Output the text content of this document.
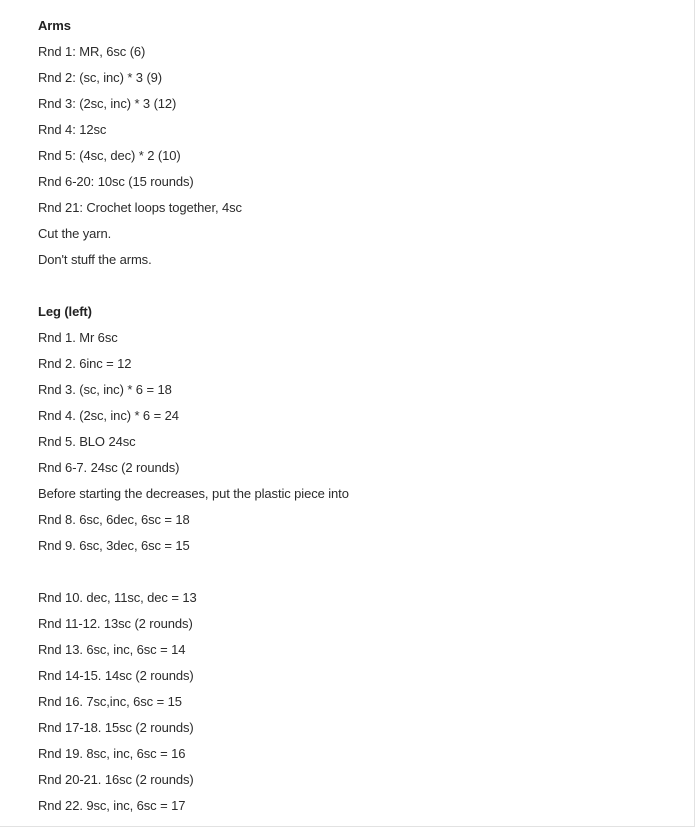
Arms
Rnd 1: MR, 6sc (6)
Rnd 2: (sc, inc) * 3 (9)
Rnd 3: (2sc, inc) * 3 (12)
Rnd 4: 12sc
Rnd 5: (4sc, dec) * 2 (10)
Rnd 6-20: 10sc (15 rounds)
Rnd 21: Crochet loops together, 4sc
Cut the yarn.
Don't stuff the arms.
Leg (left)
Rnd 1. Mr 6sc
Rnd 2. 6inc = 12
Rnd 3. (sc, inc) * 6 = 18
Rnd 4. (2sc, inc) * 6 = 24
Rnd 5. BLO 24sc
Rnd 6-7. 24sc (2 rounds)
Before starting the decreases, put the plastic piece into
Rnd 8. 6sc, 6dec, 6sc = 18
Rnd 9. 6sc, 3dec, 6sc = 15
Rnd 10. dec, 11sc, dec = 13
Rnd 11-12. 13sc (2 rounds)
Rnd 13. 6sc, inc, 6sc = 14
Rnd 14-15. 14sc (2 rounds)
Rnd 16. 7sc,inc, 6sc = 15
Rnd 17-18. 15sc (2 rounds)
Rnd 19. 8sc, inc, 6sc = 16
Rnd 20-21. 16sc (2 rounds)
Rnd 22. 9sc, inc, 6sc = 17
